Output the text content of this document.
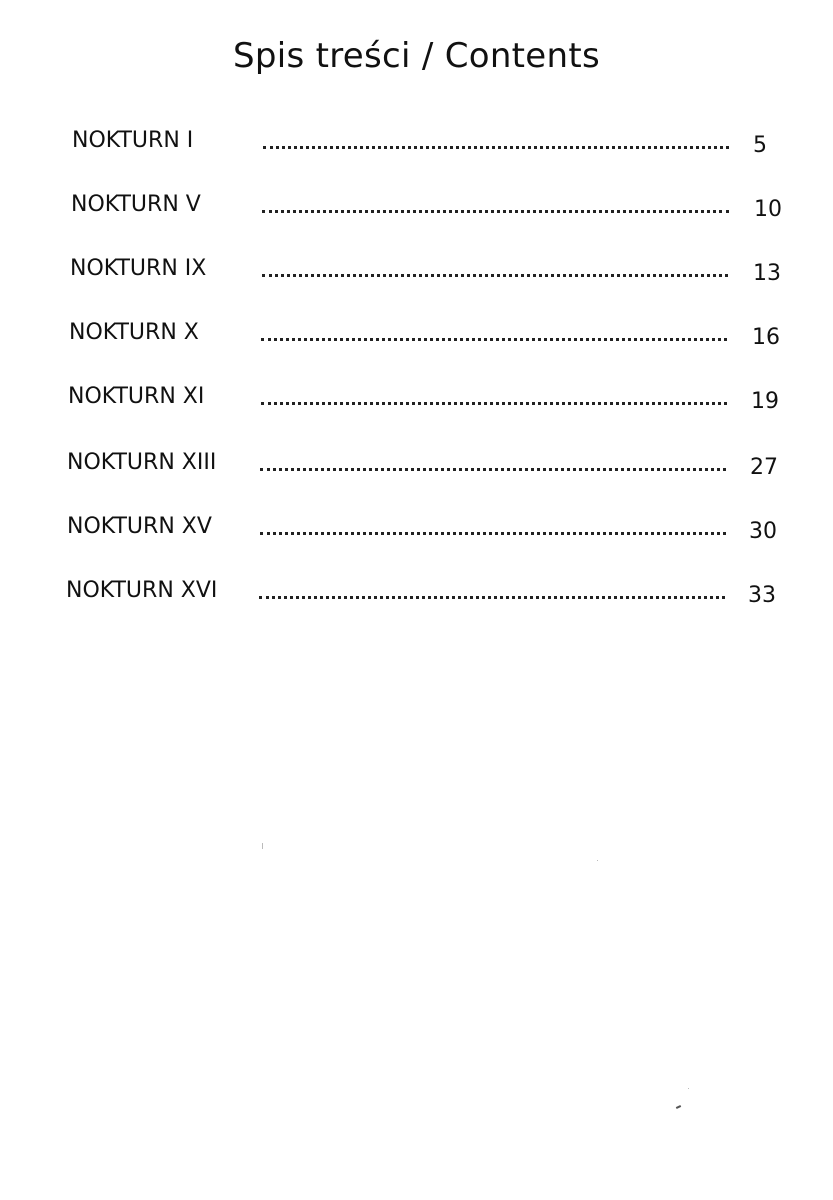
Spis treści / Contents
NOKTURN I	5
NOKTURN V	10
NOKTURN IX	13
NOKTURN X	16
NOKTURN XI	19
NOKTURN XIII	27
NOKTURN XV	30
NOKTURN XVI	33
